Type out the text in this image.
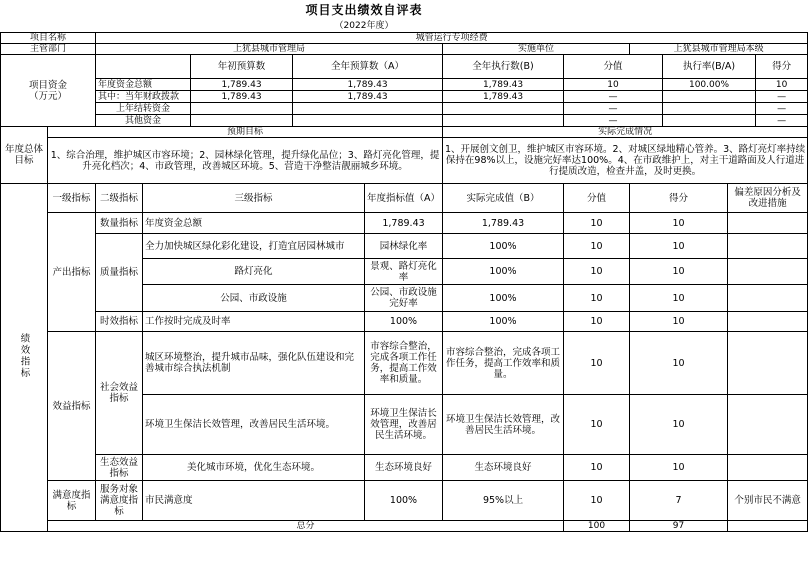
项目支出绩效自评表
（2022年度）
项目名称		城管运行专项经费										
主管部门		上犹县城市管理局					实施单位		上犹县城市管理局本级			
项目资金
（万元）				年初预算数	全年预算数（A）		全年执行数(B)	分值		执行率(B/A)		得分
		年度资金总额		1,789.43	1,789.43		1,789.43	10		100.00%		10
		其中：当年财政拨款		1,789.43	1,789.43		1,789.43	—				—
		上年结转资金						—				—
		其他资金						—				—
年度总体目标	预期目标						实际完成情况					
	1、综合治理，维护城区市容环境；2、园林绿化管理，提升绿化品位；3、路灯亮化管理，提升亮化档次；4、市政管理，改善城区环境。5、营造干净整洁靓丽城乡环境。						1、开展创文创卫，维护城区市容环境。2、对城区绿地精心管养。3、路灯亮灯率持续保持在98%以上，设施完好率达100%。4、在市政维护上，对主干道路面及人行道进行提质改造，检查井盖，及时更换。					
绩效指标	一级指标	二级指标	三级指标			年度指标值（A）	实际完成值（B）	分值	得分		偏差原因分析及改进措施	
	产出指标	数量指标	年度资金总额			1,789.43	1,789.43	10	10			
		质量指标	全力加快城区绿化彩化建设，打造宜居园林城市			园林绿化率	100%	10	10			
			路灯亮化			景观、路灯亮化率	100%	10	10			
			公园、市政设施			公园、市政设施完好率	100%	10	10			
		时效指标	工作按时完成及时率			100%	100%	10	10			
	效益指标	社会效益指标	城区环境整治，提升城市品味，强化队伍建设和完善城市综合执法机制			市容综合整治，完成各项工作任务，提高工作效率和质量。	市容综合整治，完成各项工作任务，提高工作效率和质量。	10	10			
			环境卫生保洁长效管理，改善居民生活环境。			环境卫生保洁长效管理，改善居民生活环境。	环境卫生保洁长效管理，改善居民生活环境。	10	10			
		生态效益指标	美化城市环境，优化生态环境。			生态环境良好	生态环境良好	10	10			
	满意度指标	服务对象满意度指标	市民满意度			100%	95%以上	10	7		个别市民不满意	
	总分							100	97			
